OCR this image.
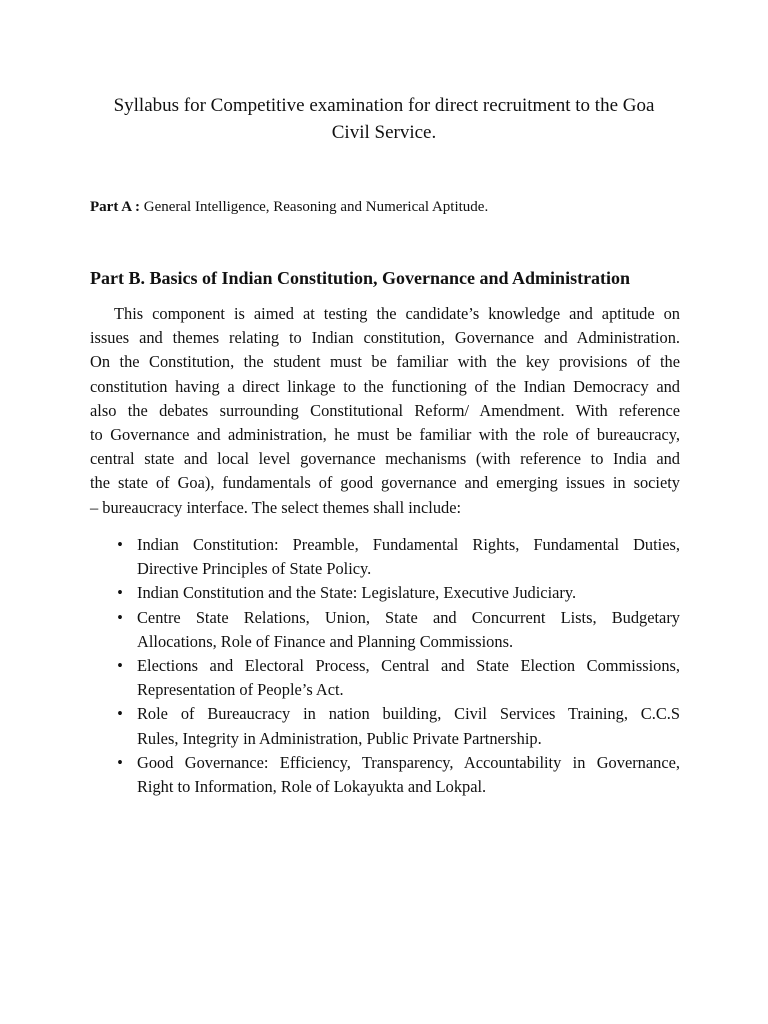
Syllabus for Competitive examination for direct recruitment to the Goa
Civil Service.
Part A : General Intelligence, Reasoning and Numerical Aptitude.
Part B. Basics of Indian Constitution, Governance and Administration
This component is aimed at testing the candidate’s knowledge and aptitude on
issues and themes relating to Indian constitution, Governance and Administration.
On the Constitution, the student must be familiar with the key provisions of the
constitution having a direct linkage to the functioning of the Indian Democracy and
also the debates surrounding Constitutional Reform/ Amendment. With reference
to Governance and administration, he must be familiar with the role of bureaucracy,
central state and local level governance mechanisms (with reference to India and
the state of Goa), fundamentals of good governance and emerging issues in society
– bureaucracy interface. The select themes shall include:
• Indian Constitution: Preamble, Fundamental Rights, Fundamental Duties,
Directive Principles of State Policy.
• Indian Constitution and the State: Legislature, Executive Judiciary.
• Centre State Relations, Union, State and Concurrent Lists, Budgetary
Allocations, Role of Finance and Planning Commissions.
• Elections and Electoral Process, Central and State Election Commissions,
Representation of People’s Act.
• Role of Bureaucracy in nation building, Civil Services Training, C.C.S
Rules, Integrity in Administration, Public Private Partnership.
• Good Governance: Efficiency, Transparency, Accountability in Governance,
Right to Information, Role of Lokayukta and Lokpal.
